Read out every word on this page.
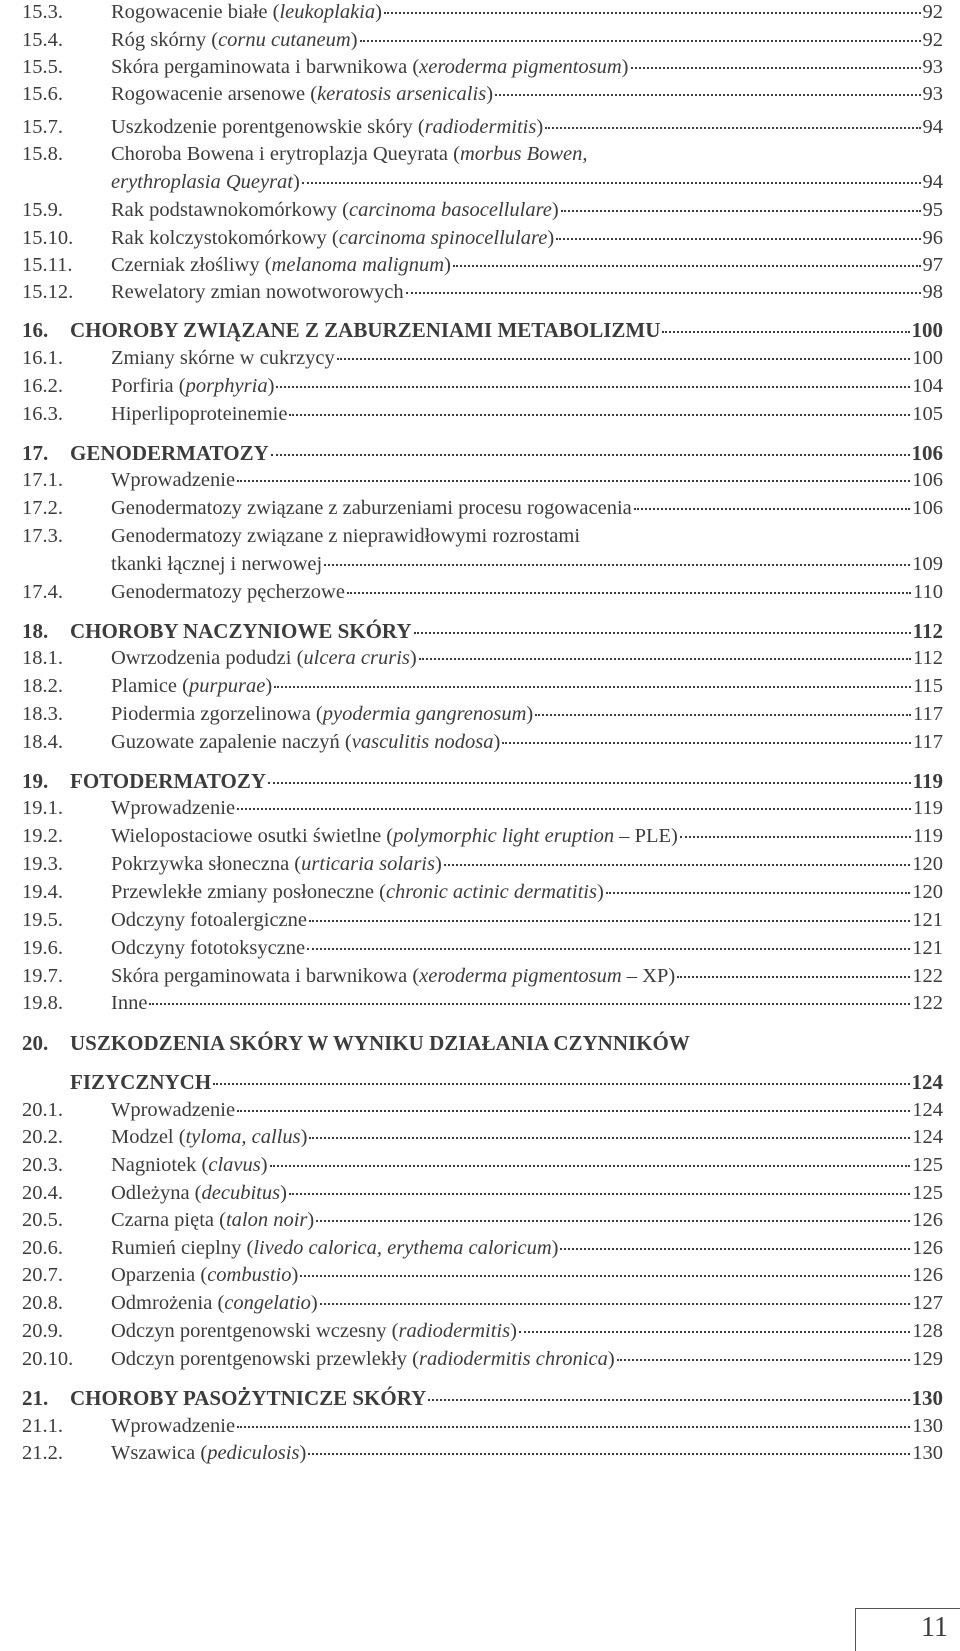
15.3.	Rogowacenie białe (leukoplakia)	92
15.4.	Róg skórny (cornu cutaneum)	92
15.5.	Skóra pergaminowata i barwnikowa (xeroderma pigmentosum)	93
15.6.	Rogowacenie arsenowe (keratosis arsenicalis)	93
15.7.	Uszkodzenie porentgenowskie skóry (radiodermitis)	94
15.8.	Choroba Bowena i erytroplazja Queyrata (morbus Bowen,
erythroplasia Queyrat)	94
15.9.	Rak podstawnokomórkowy (carcinoma basocellulare)	95
15.10.	Rak kolczystokomórkowy (carcinoma spinocellulare)	96
15.11.	Czerniak złośliwy (melanoma malignum)	97
15.12.	Rewelatory zmian nowotworowych	98
16.	CHOROBY ZWIĄZANE Z ZABURZENIAMI METABOLIZMU	100
16.1.	Zmiany skórne w cukrzycy	100
16.2.	Porfiria (porphyria)	104
16.3.	Hiperlipoproteinemie	105
17.	GENODERMATOZY	106
17.1.	Wprowadzenie	106
17.2.	Genodermatozy związane z zaburzeniami procesu rogowacenia	106
17.3.	Genodermatozy związane z nieprawidłowymi rozrostami
tkanki łącznej i nerwowej	109
17.4.	Genodermatozy pęcherzowe	110
18.	CHOROBY NACZYNIOWE SKÓRY	112
18.1.	Owrzodzenia podudzi (ulcera cruris)	112
18.2.	Plamice (purpurae)	115
18.3.	Piodermia zgorzelinowa (pyodermia gangrenosum)	117
18.4.	Guzowate zapalenie naczyń (vasculitis nodosa)	117
19.	FOTODERMATOZY	119
19.1.	Wprowadzenie	119
19.2.	Wielopostaciowe osutki świetlne (polymorphic light eruption – PLE)	119
19.3.	Pokrzywka słoneczna (urticaria solaris)	120
19.4.	Przewlekłe zmiany posłoneczne (chronic actinic dermatitis)	120
19.5.	Odczyny fotoalergiczne	121
19.6.	Odczyny fototoksyczne	121
19.7.	Skóra pergaminowata i barwnikowa (xeroderma pigmentosum – XP)	122
19.8.	Inne	122
20.	USZKODZENIA SKÓRY W WYNIKU DZIAŁANIA CZYNNIKÓW
FIZYCZNYCH	124
20.1.	Wprowadzenie	124
20.2.	Modzel (tyloma, callus)	124
20.3.	Nagniotek (clavus)	125
20.4.	Odleżyna (decubitus)	125
20.5.	Czarna pięta (talon noir)	126
20.6.	Rumień cieplny (livedo calorica, erythema caloricum)	126
20.7.	Oparzenia (combustio)	126
20.8.	Odmrożenia (congelatio)	127
20.9.	Odczyn porentgenowski wczesny (radiodermitis)	128
20.10.	Odczyn porentgenowski przewlekły (radiodermitis chronica)	129
21.	CHOROBY PASOŻYTNICZE SKÓRY	130
21.1.	Wprowadzenie	130
21.2.	Wszawica (pediculosis)	130
11
